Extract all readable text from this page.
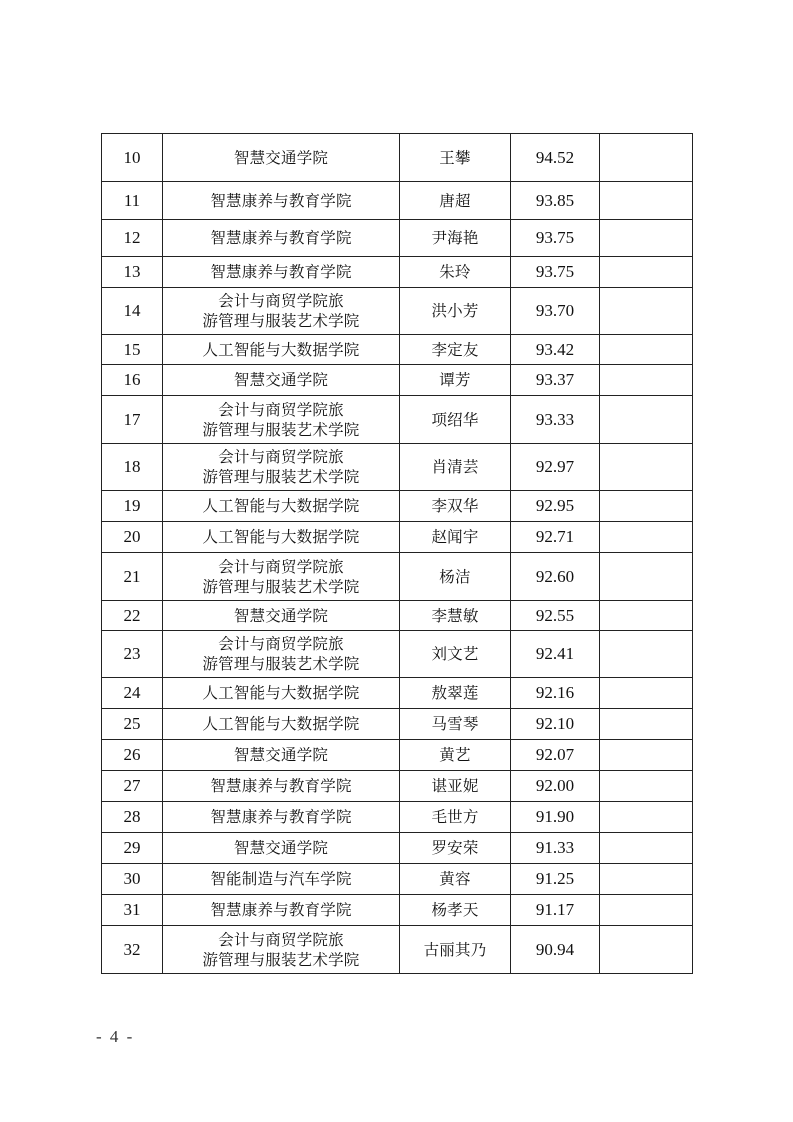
10	智慧交通学院	王攀	94.52	
11	智慧康养与教育学院	唐超	93.85	
12	智慧康养与教育学院	尹海艳	93.75	
13	智慧康养与教育学院	朱玲	93.75	
14	会计与商贸学院旅
游管理与服装艺术学院	洪小芳	93.70	
15	人工智能与大数据学院	李定友	93.42	
16	智慧交通学院	谭芳	93.37	
17	会计与商贸学院旅
游管理与服装艺术学院	项绍华	93.33	
18	会计与商贸学院旅
游管理与服装艺术学院	肖清芸	92.97	
19	人工智能与大数据学院	李双华	92.95	
20	人工智能与大数据学院	赵闻宇	92.71	
21	会计与商贸学院旅
游管理与服装艺术学院	杨洁	92.60	
22	智慧交通学院	李慧敏	92.55	
23	会计与商贸学院旅
游管理与服装艺术学院	刘文艺	92.41	
24	人工智能与大数据学院	敖翠莲	92.16	
25	人工智能与大数据学院	马雪琴	92.10	
26	智慧交通学院	黄艺	92.07	
27	智慧康养与教育学院	谌亚妮	92.00	
28	智慧康养与教育学院	毛世方	91.90	
29	智慧交通学院	罗安荣	91.33	
30	智能制造与汽车学院	黄容	91.25	
31	智慧康养与教育学院	杨孝天	91.17	
32	会计与商贸学院旅
游管理与服装艺术学院	古丽其乃	90.94	
- 4 -
